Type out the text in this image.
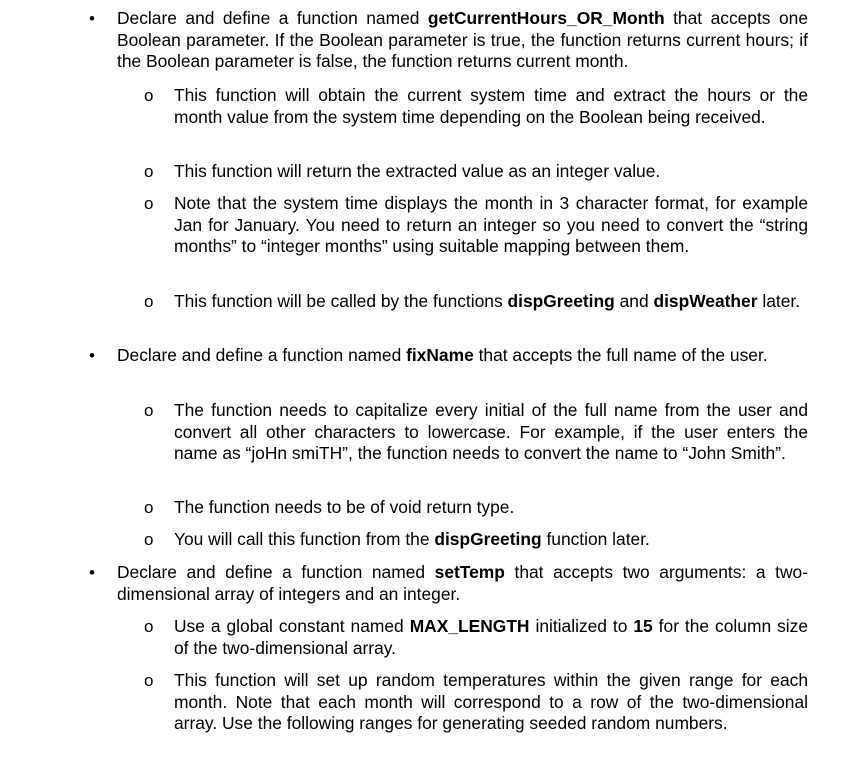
• Declare and define a function named getCurrentHours_OR_Month that accepts one Boolean parameter. If the Boolean parameter is true, the function returns current hours; if the Boolean parameter is false, the function returns current month.
o This function will obtain the current system time and extract the hours or the month value from the system time depending on the Boolean being received.
o This function will return the extracted value as an integer value.
o Note that the system time displays the month in 3 character format, for example Jan for January. You need to return an integer so you need to convert the “string months” to “integer months” using suitable mapping between them.
o This function will be called by the functions dispGreeting and dispWeather later.
• Declare and define a function named fixName that accepts the full name of the user.
o The function needs to capitalize every initial of the full name from the user and convert all other characters to lowercase. For example, if the user enters the name as “joHn smiTH”, the function needs to convert the name to “John Smith”.
o The function needs to be of void return type.
o You will call this function from the dispGreeting function later.
• Declare and define a function named setTemp that accepts two arguments: a two-dimensional array of integers and an integer.
o Use a global constant named MAX_LENGTH initialized to 15 for the column size of the two-dimensional array.
o This function will set up random temperatures within the given range for each month. Note that each month will correspond to a row of the two-dimensional array. Use the following ranges for generating seeded random numbers.
